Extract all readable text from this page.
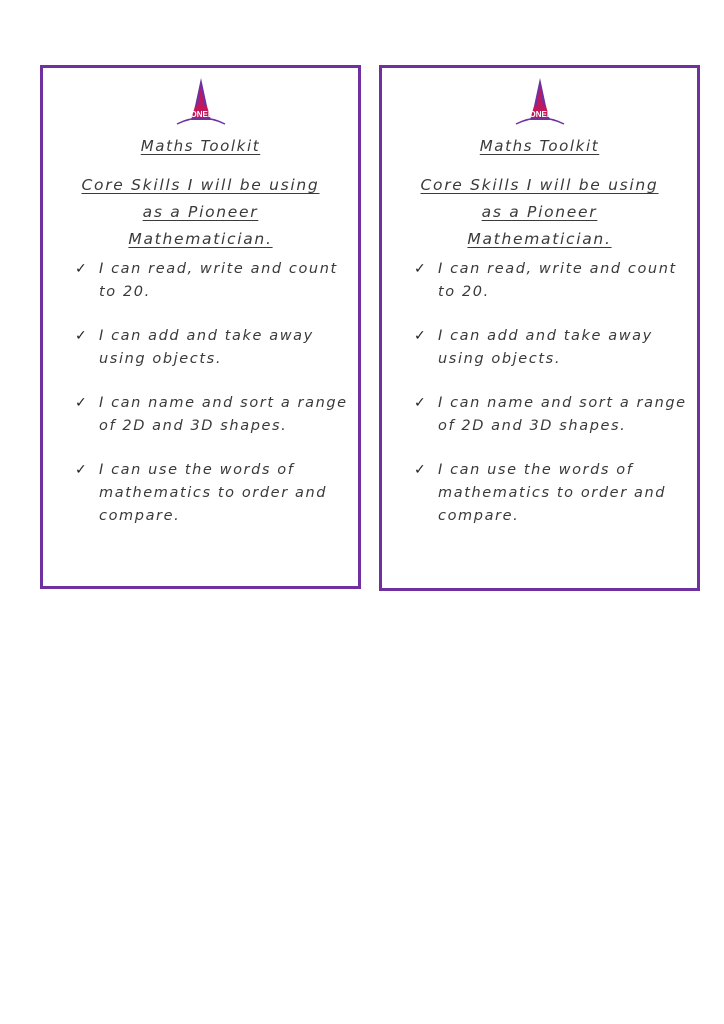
PIONEER
Maths Toolkit
Core Skills I will be using as a Pioneer Mathematician.
✓ I can read, write and count to 20.
✓ I can add and take away using objects.
✓ I can name and sort a range of 2D and 3D shapes.
✓ I can use the words of mathematics to order and compare.
PIONEER
Maths Toolkit
Core Skills I will be using as a Pioneer Mathematician.
✓ I can read, write and count to 20.
✓ I can add and take away using objects.
✓ I can name and sort a range of 2D and 3D shapes.
✓ I can use the words of mathematics to order and compare.
